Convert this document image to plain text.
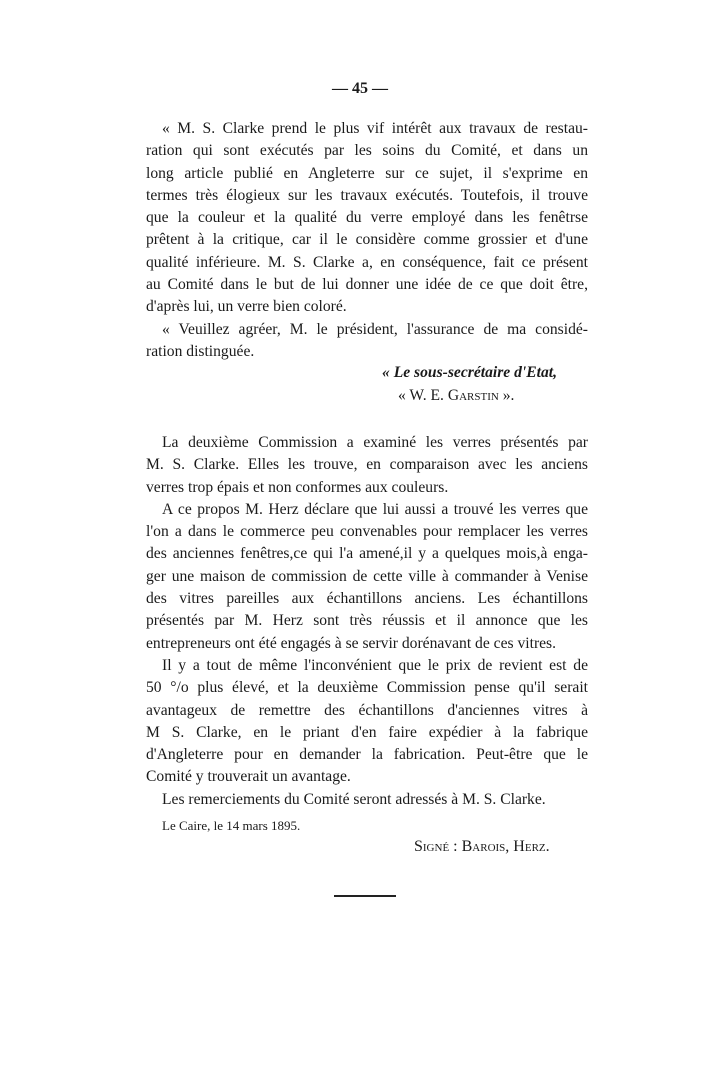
— 45 —
« M. S. Clarke prend le plus vif intérêt aux travaux de restau-
ration qui sont exécutés par les soins du Comité, et dans un
long article publié en Angleterre sur ce sujet, il s'exprime en
termes très élogieux sur les travaux exécutés. Toutefois, il trouve
que la couleur et la qualité du verre employé dans les fenêtrse
prêtent à la critique, car il le considère comme grossier et d'une
qualité inférieure. M. S. Clarke a, en conséquence, fait ce présent
au Comité dans le but de lui donner une idée de ce que doit être,
d'après lui, un verre bien coloré.
« Veuillez agréer, M. le président, l'assurance de ma considé-
ration distinguée.
« Le sous-secrétaire d'Etat,
« W. E. Garstin ».
La deuxième Commission a examiné les verres présentés par
M. S. Clarke. Elles les trouve, en comparaison avec les anciens
verres trop épais et non conformes aux couleurs.
A ce propos M. Herz déclare que lui aussi a trouvé les verres que
l'on a dans le commerce peu convenables pour remplacer les verres
des anciennes fenêtres,ce qui l'a amené,il y a quelques mois,à enga-
ger une maison de commission de cette ville à commander à Venise
des vitres pareilles aux échantillons anciens. Les échantillons
présentés par M. Herz sont très réussis et il annonce que les
entrepreneurs ont été engagés à se servir dorénavant de ces vitres.
Il y a tout de même l'inconvénient que le prix de revient est de
50 °/o plus élevé, et la deuxième Commission pense qu'il serait
avantageux de remettre des échantillons d'anciennes vitres à
M S. Clarke, en le priant d'en faire expédier à la fabrique
d'Angleterre pour en demander la fabrication. Peut-être que le
Comité y trouverait un avantage.
Les remerciements du Comité seront adressés à M. S. Clarke.
Le Caire, le 14 mars 1895.
Signé : Barois, Herz.
